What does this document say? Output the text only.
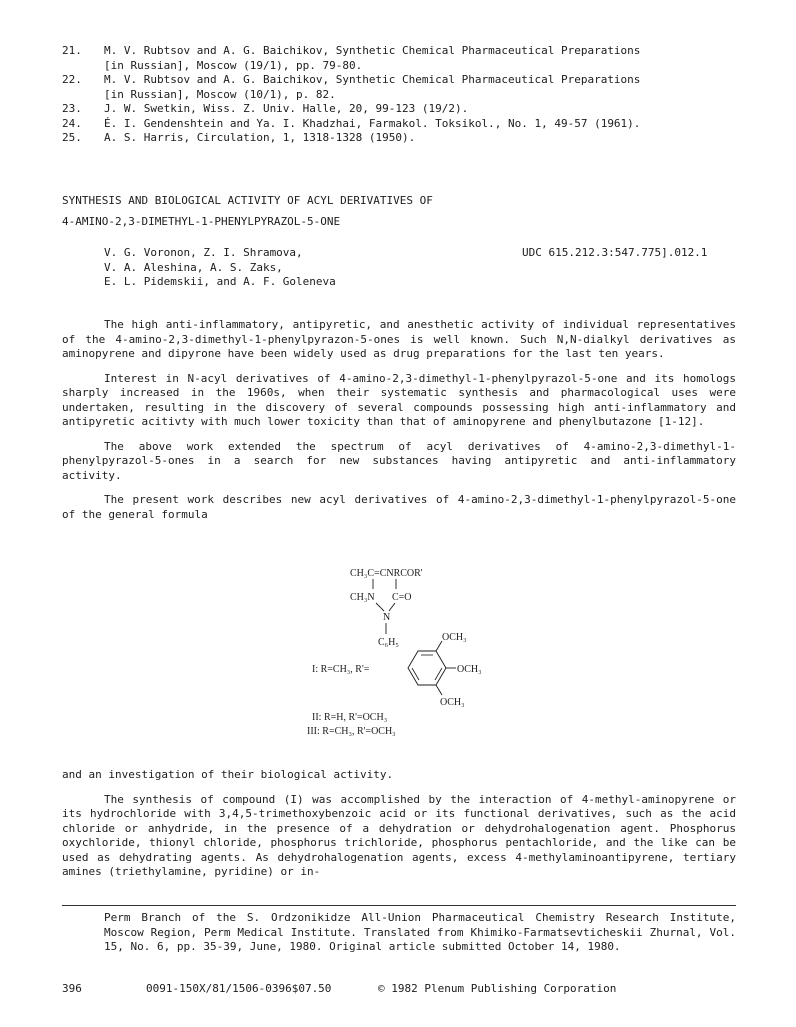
21.	M. V. Rubtsov and A. G. Baichikov, Synthetic Chemical Pharmaceutical Preparations
[in Russian], Moscow (19/1), pp. 79-80.
22.	M. V. Rubtsov and A. G. Baichikov, Synthetic Chemical Pharmaceutical Preparations
[in Russian], Moscow (10/1), p. 82.
23.	J. W. Swetkin, Wiss. Z. Univ. Halle, 20, 99-123 (19/2).
24.	É. I. Gendenshtein and Ya. I. Khadzhai, Farmakol. Toksikol., No. 1, 49-57 (1961).
25.	A. S. Harris, Circulation, 1, 1318-1328 (1950).
SYNTHESIS AND BIOLOGICAL ACTIVITY OF ACYL DERIVATIVES OF
4-AMINO-2,3-DIMETHYL-1-PHENYLPYRAZOL-5-ONE
V. G. Voronon, Z. I. Shramova,
V. A. Aleshina, A. S. Zaks,
E. L. Pidemskii, and A. F. Goleneva
UDC 615.212.3:547.775].012.1

The high anti-inflammatory, antipyretic, and anesthetic activity of individual representatives of the 4-amino-2,3-dimethyl-1-phenylpyrazon-5-ones is well known. Such N,N-dialkyl derivatives as aminopyrene and dipyrone have been widely used as drug preparations for the last ten years.

Interest in N-acyl derivatives of 4-amino-2,3-dimethyl-1-phenylpyrazol-5-one and its homologs sharply increased in the 1960s, when their systematic synthesis and pharmacological uses were undertaken, resulting in the discovery of several compounds possessing high anti-inflammatory and antipyretic acitivty with much lower toxicity than that of aminopyrene and phenylbutazone [1-12].

The above work extended the spectrum of acyl derivatives of 4-amino-2,3-dimethyl-1-phenylpyrazol-5-ones in a search for new substances having antipyretic and anti-inflammatory activity.

The present work describes new acyl derivatives of 4-amino-2,3-dimethyl-1-phenylpyrazol-5-one of the general formula

CH₃C=CNRCOR'
CH₃N C=O
N
C₆H₅
I: R=CH₃, R'=
OCH₃
OCH₃
OCH₃
II: R=H, R'=OCH₃
III: R=CH₃, R'=OCH₃

and an investigation of their biological activity.

The synthesis of compound (I) was accomplished by the interaction of 4-methyl-aminopyrene or its hydrochloride with 3,4,5-trimethoxybenzoic acid or its functional derivatives, such as the acid chloride or anhydride, in the presence of a dehydration or dehydrohalogenation agent. Phosphorus oxychloride, thionyl chloride, phosphorus trichloride, phosphorus pentachloride, and the like can be used as dehydrating agents. As dehydrohalogenation agents, excess 4-methylaminoantipyrene, tertiary amines (triethylamine, pyridine) or in-

Perm Branch of the S. Ordzonikidze All-Union Pharmaceutical Chemistry Research Institute, Moscow Region, Perm Medical Institute. Translated from Khimiko-Farmatsevticheskii Zhurnal, Vol. 15, No. 6, pp. 35-39, June, 1980. Original article submitted October 14, 1980.
396	0091-150X/81/1506-0396$07.50	© 1982 Plenum Publishing Corporation
